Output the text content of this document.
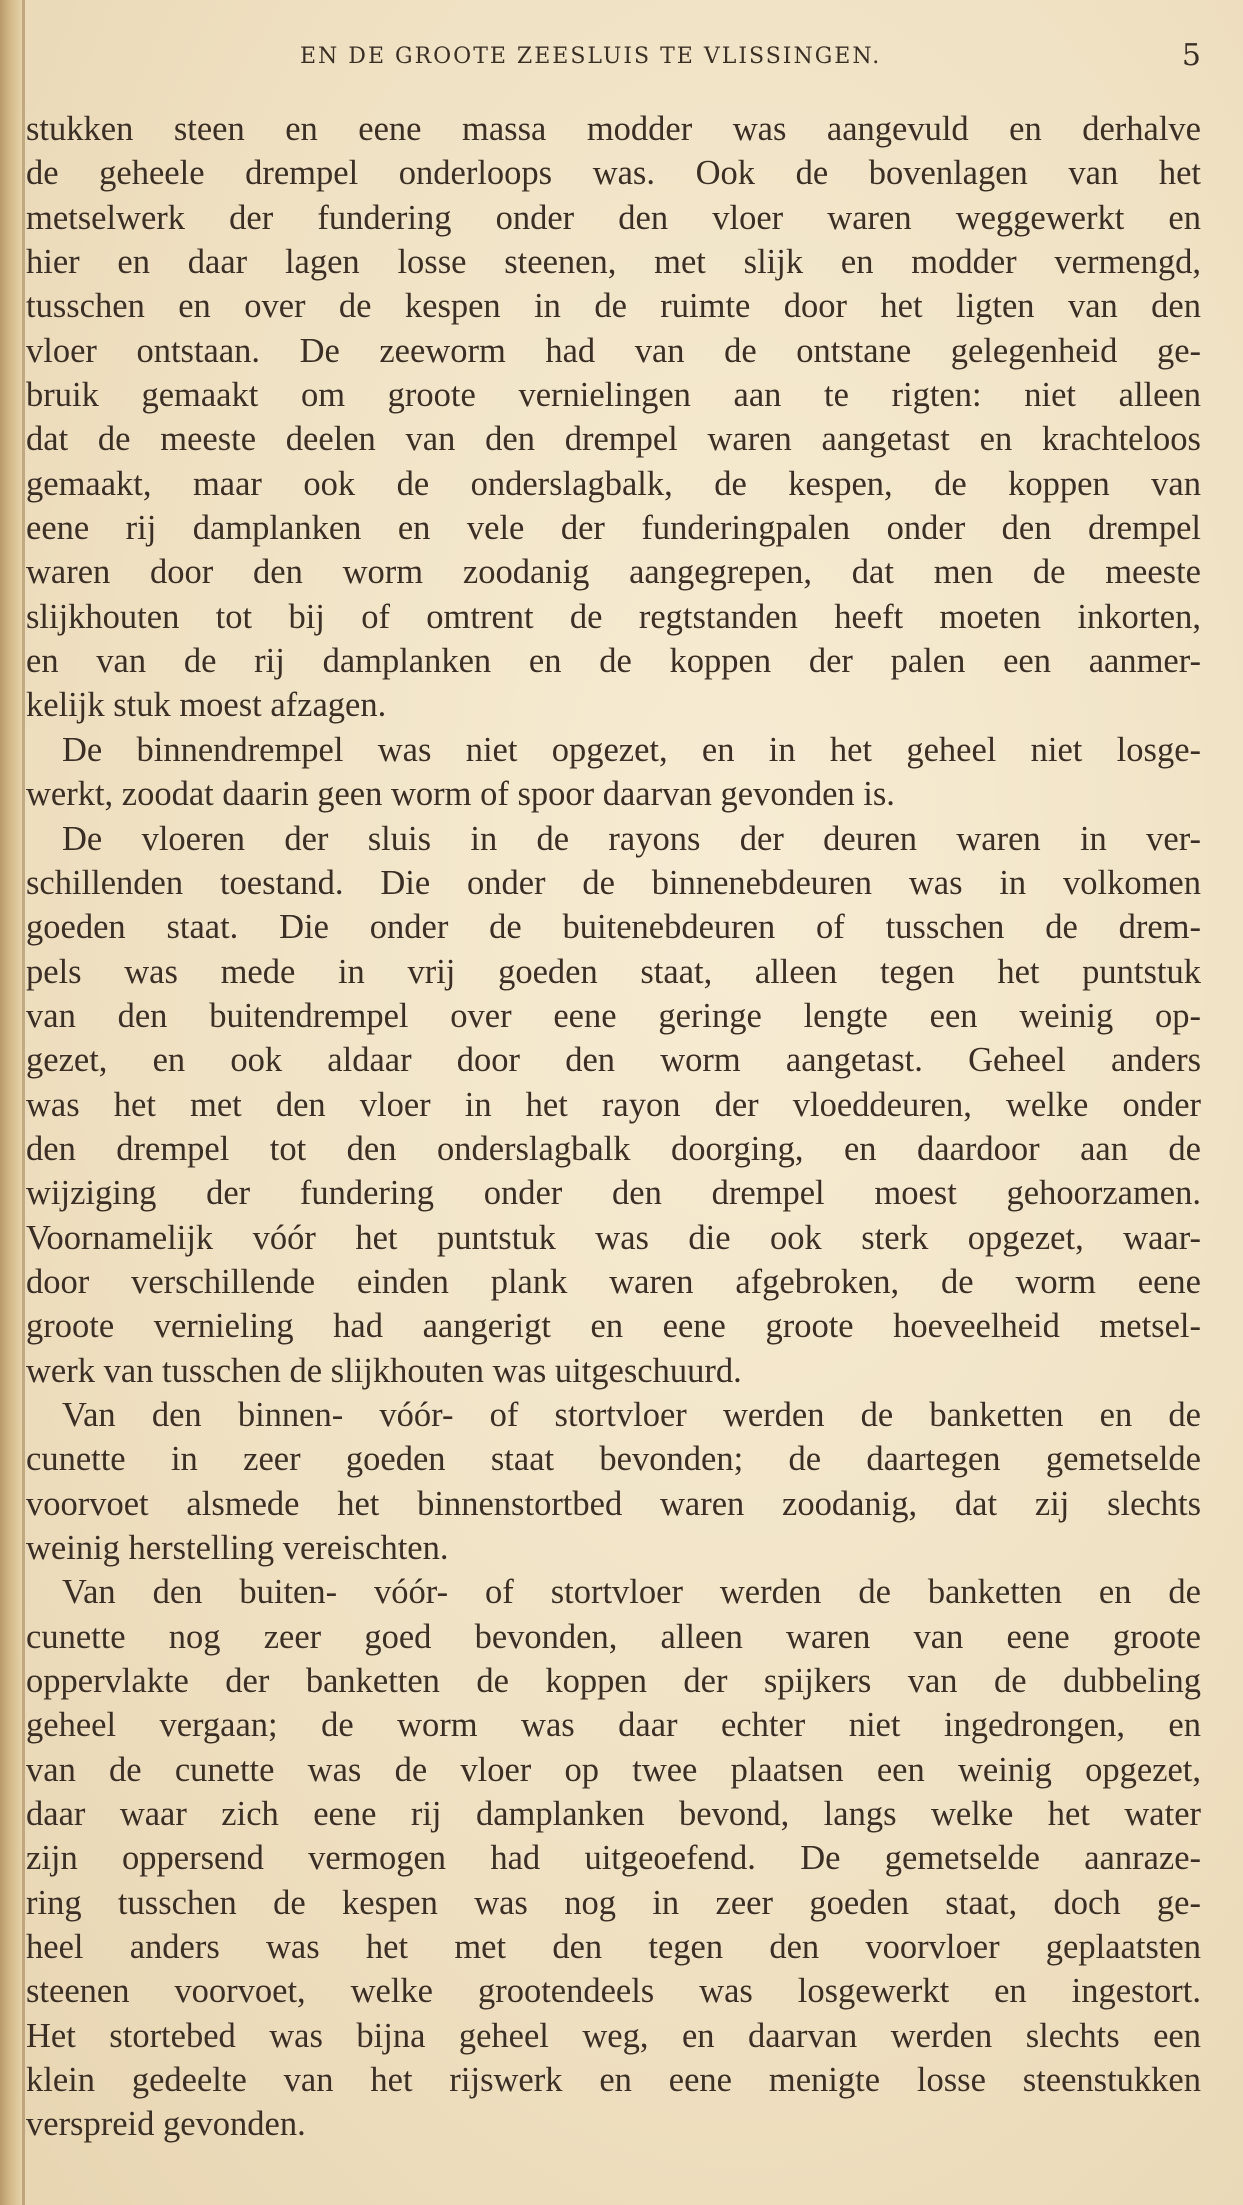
EN DE GROOTE ZEESLUIS TE VLISSINGEN.	5
stukken steen en eene massa modder was aangevuld en derhalve
de geheele drempel onderloops was. Ook de bovenlagen van het
metselwerk der fundering onder den vloer waren weggewerkt en
hier en daar lagen losse steenen, met slijk en modder vermengd,
tusschen en over de kespen in de ruimte door het ligten van den
vloer ontstaan. De zeeworm had van de ontstane gelegenheid ge-
bruik gemaakt om groote vernielingen aan te rigten: niet alleen
dat de meeste deelen van den drempel waren aangetast en krachteloos
gemaakt, maar ook de onderslagbalk, de kespen, de koppen van
eene rij damplanken en vele der funderingpalen onder den drempel
waren door den worm zoodanig aangegrepen, dat men de meeste
slijkhouten tot bij of omtrent de regtstanden heeft moeten inkorten,
en van de rij damplanken en de koppen der palen een aanmer-
kelijk stuk moest afzagen.
De binnendrempel was niet opgezet, en in het geheel niet losge-
werkt, zoodat daarin geen worm of spoor daarvan gevonden is.
De vloeren der sluis in de rayons der deuren waren in ver-
schillenden toestand. Die onder de binnenebdeuren was in volkomen
goeden staat. Die onder de buitenebdeuren of tusschen de drem-
pels was mede in vrij goeden staat, alleen tegen het puntstuk
van den buitendrempel over eene geringe lengte een weinig op-
gezet, en ook aldaar door den worm aangetast. Geheel anders
was het met den vloer in het rayon der vloeddeuren, welke onder
den drempel tot den onderslagbalk doorging, en daardoor aan de
wijziging der fundering onder den drempel moest gehoorzamen.
Voornamelijk vóór het puntstuk was die ook sterk opgezet, waar-
door verschillende einden plank waren afgebroken, de worm eene
groote vernieling had aangerigt en eene groote hoeveelheid metsel-
werk van tusschen de slijkhouten was uitgeschuurd.
Van den binnen- vóór- of stortvloer werden de banketten en de
cunette in zeer goeden staat bevonden; de daartegen gemetselde
voorvoet alsmede het binnenstortbed waren zoodanig, dat zij slechts
weinig herstelling vereischten.
Van den buiten- vóór- of stortvloer werden de banketten en de
cunette nog zeer goed bevonden, alleen waren van eene groote
oppervlakte der banketten de koppen der spijkers van de dubbeling
geheel vergaan; de worm was daar echter niet ingedrongen, en
van de cunette was de vloer op twee plaatsen een weinig opgezet,
daar waar zich eene rij damplanken bevond, langs welke het water
zijn oppersend vermogen had uitgeoefend. De gemetselde aanraze-
ring tusschen de kespen was nog in zeer goeden staat, doch ge-
heel anders was het met den tegen den voorvloer geplaatsten
steenen voorvoet, welke grootendeels was losgewerkt en ingestort.
Het stortebed was bijna geheel weg, en daarvan werden slechts een
klein gedeelte van het rijswerk en eene menigte losse steenstukken
verspreid gevonden.
